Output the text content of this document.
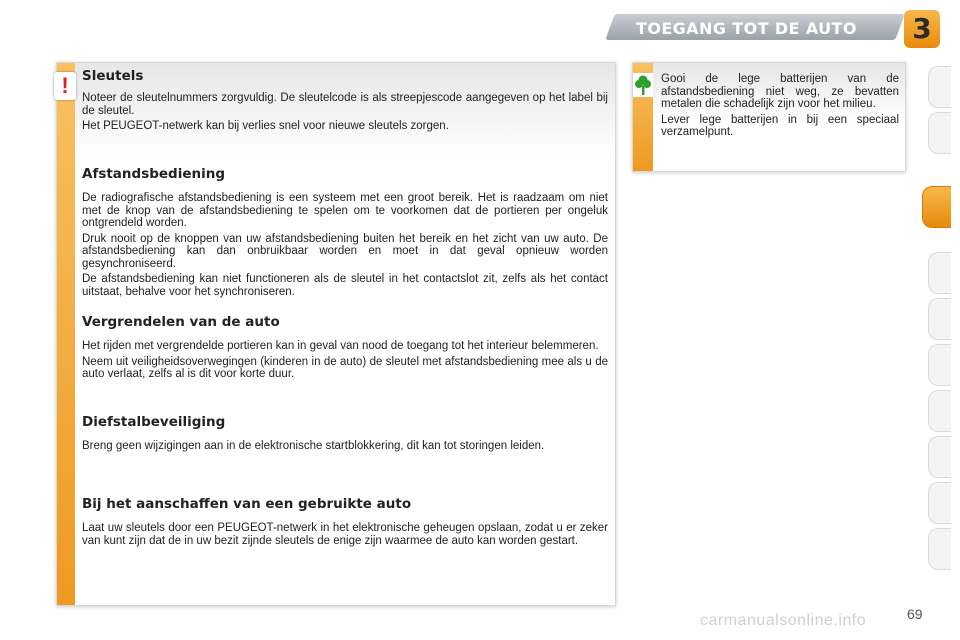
TOEGANG TOT DE AUTO 3
! Sleutels

Noteer de sleutelnummers zorgvuldig. De sleutelcode is als streepjescode aangegeven op het label bij de sleutel.

Het PEUGEOT-netwerk kan bij verlies snel voor nieuwe sleutels zorgen.

Afstandsbediening

De radiografische afstandsbediening is een systeem met een groot bereik. Het is raadzaam om niet met de knop van de afstandsbediening te spelen om te voorkomen dat de portieren per ongeluk ontgrendeld worden.

Druk nooit op de knoppen van uw afstandsbediening buiten het bereik en het zicht van uw auto. De afstandsbediening kan dan onbruikbaar worden en moet in dat geval opnieuw worden gesynchroniseerd.

De afstandsbediening kan niet functioneren als de sleutel in het contactslot zit, zelfs als het contact uitstaat, behalve voor het synchroniseren.

Vergrendelen van de auto

Het rijden met vergrendelde portieren kan in geval van nood de toegang tot het interieur belemmeren.

Neem uit veiligheidsoverwegingen (kinderen in de auto) de sleutel met afstandsbediening mee als u de auto verlaat, zelfs al is dit voor korte duur.

Diefstalbeveiliging

Breng geen wijzigingen aan in de elektronische startblokkering, dit kan tot storingen leiden.

Bij het aanschaffen van een gebruikte auto

Laat uw sleutels door een PEUGEOT-netwerk in het elektronische geheugen opslaan, zodat u er zeker van kunt zijn dat de in uw bezit zijnde sleutels de enige zijn waarmee de auto kan worden gestart.

Gooi de lege batterijen van de afstandsbediening niet weg, ze bevatten metalen die schadelijk zijn voor het milieu.

Lever lege batterijen in bij een speciaal verzamelpunt.

carmanualsonline.info	69
